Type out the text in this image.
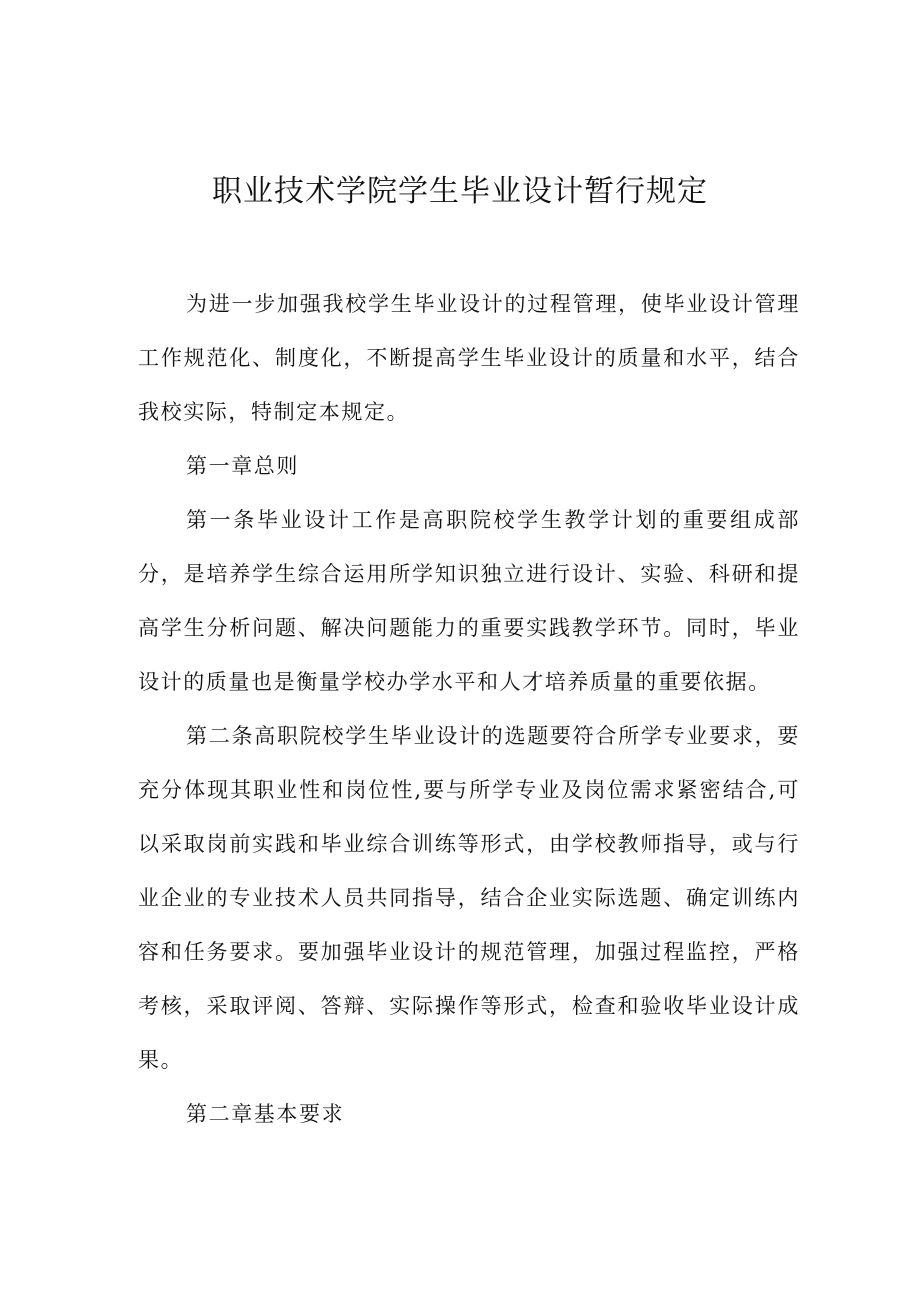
职业技术学院学生毕业设计暂行规定

为进一步加强我校学生毕业设计的过程管理，使毕业设计管理工作规范化、制度化，不断提高学生毕业设计的质量和水平，结合我校实际，特制定本规定。

第一章总则

第一条毕业设计工作是高职院校学生教学计划的重要组成部分，是培养学生综合运用所学知识独立进行设计、实验、科研和提高学生分析问题、解决问题能力的重要实践教学环节。同时，毕业设计的质量也是衡量学校办学水平和人才培养质量的重要依据。

第二条高职院校学生毕业设计的选题要符合所学专业要求，要充分体现其职业性和岗位性,要与所学专业及岗位需求紧密结合,可以采取岗前实践和毕业综合训练等形式，由学校教师指导，或与行业企业的专业技术人员共同指导，结合企业实际选题、确定训练内容和任务要求。要加强毕业设计的规范管理，加强过程监控，严格考核，采取评阅、答辩、实际操作等形式，检查和验收毕业设计成果。

第二章基本要求
